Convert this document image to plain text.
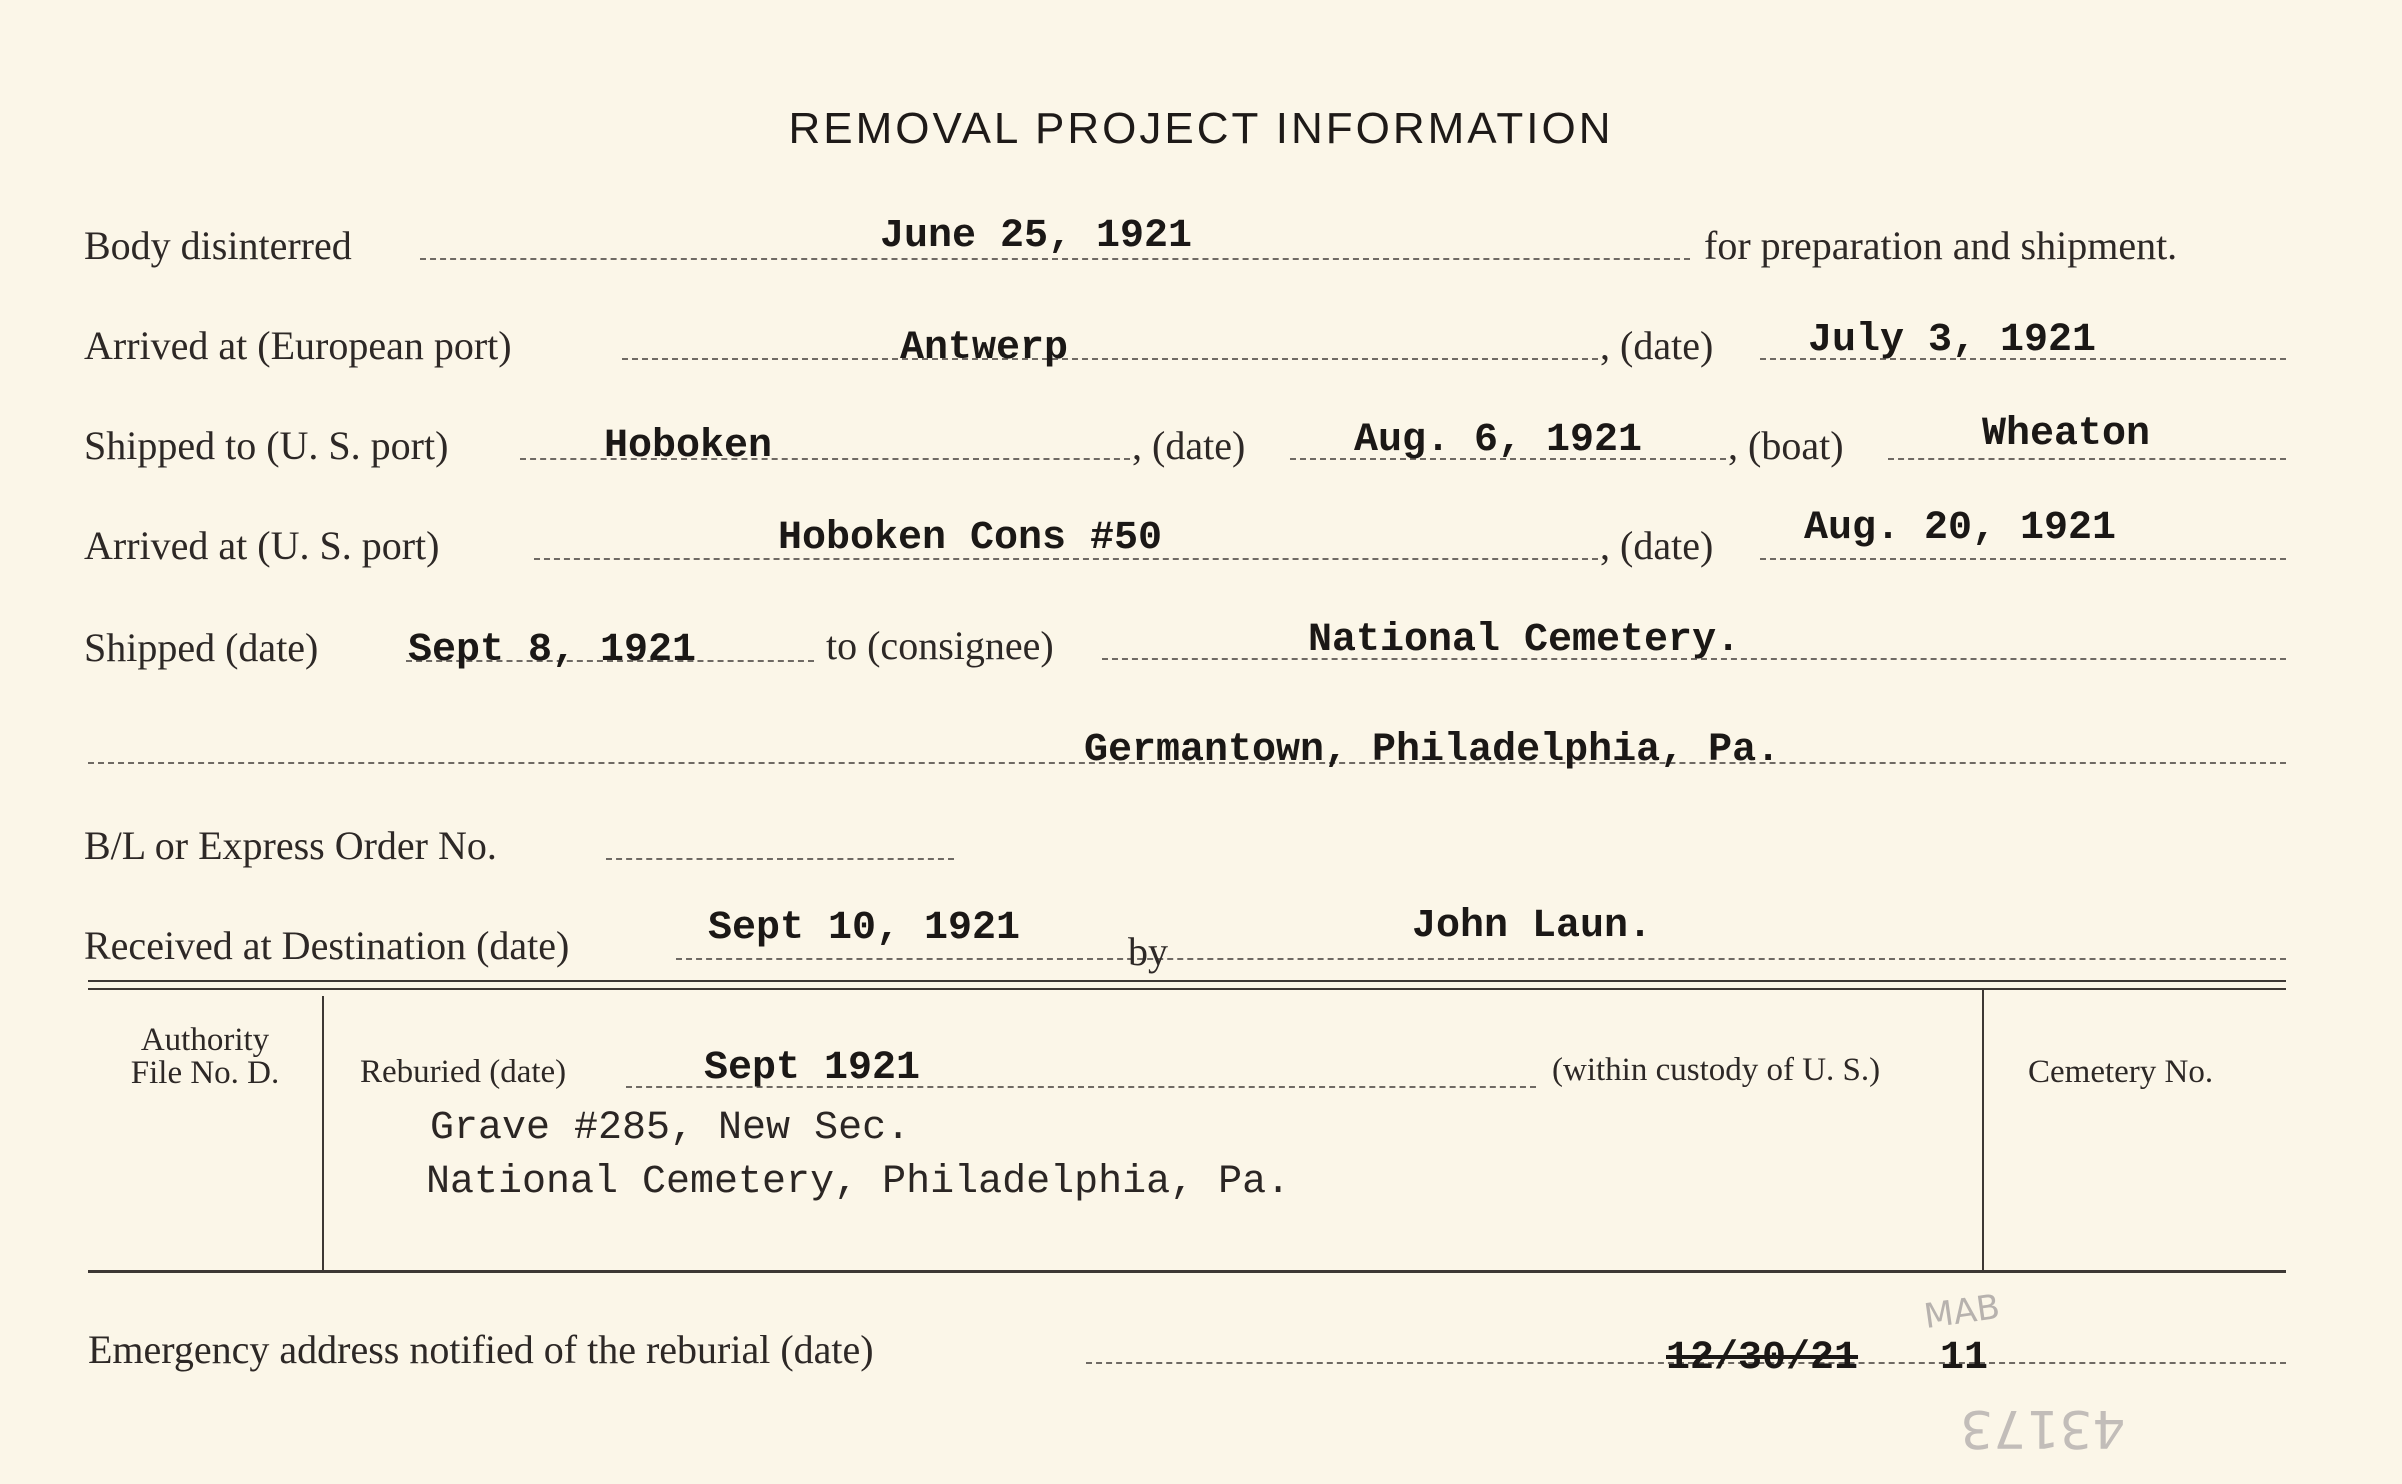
REMOVAL PROJECT INFORMATION
Body disinterred	June 25, 1921	for preparation and shipment.
Arrived at (European port)	Antwerp	, (date) July 3, 1921
Shipped to (U. S. port)	Hoboken	, (date)	Aug. 6, 1921 , (boat)	Wheaton
Arrived at (U. S. port)	Hoboken Cons #50	, (date) Aug. 20, 1921
Shipped (date) Sept 8, 1921	to (consignee)	National Cemetery.
Germantown, Philadelphia, Pa.
B/L or Express Order No.
Received at Destination (date)	Sept 10, 1921
by
John Laun.
Authority
File No. D.	Reburied (date)	Sept 1921	(within custody of U. S.)
Grave #285, New Sec.
National Cemetery, Philadelphia, Pa.
Cemetery No.
Emergency address notified of the reburial (date)	12/30/21 11
MAB
43173
